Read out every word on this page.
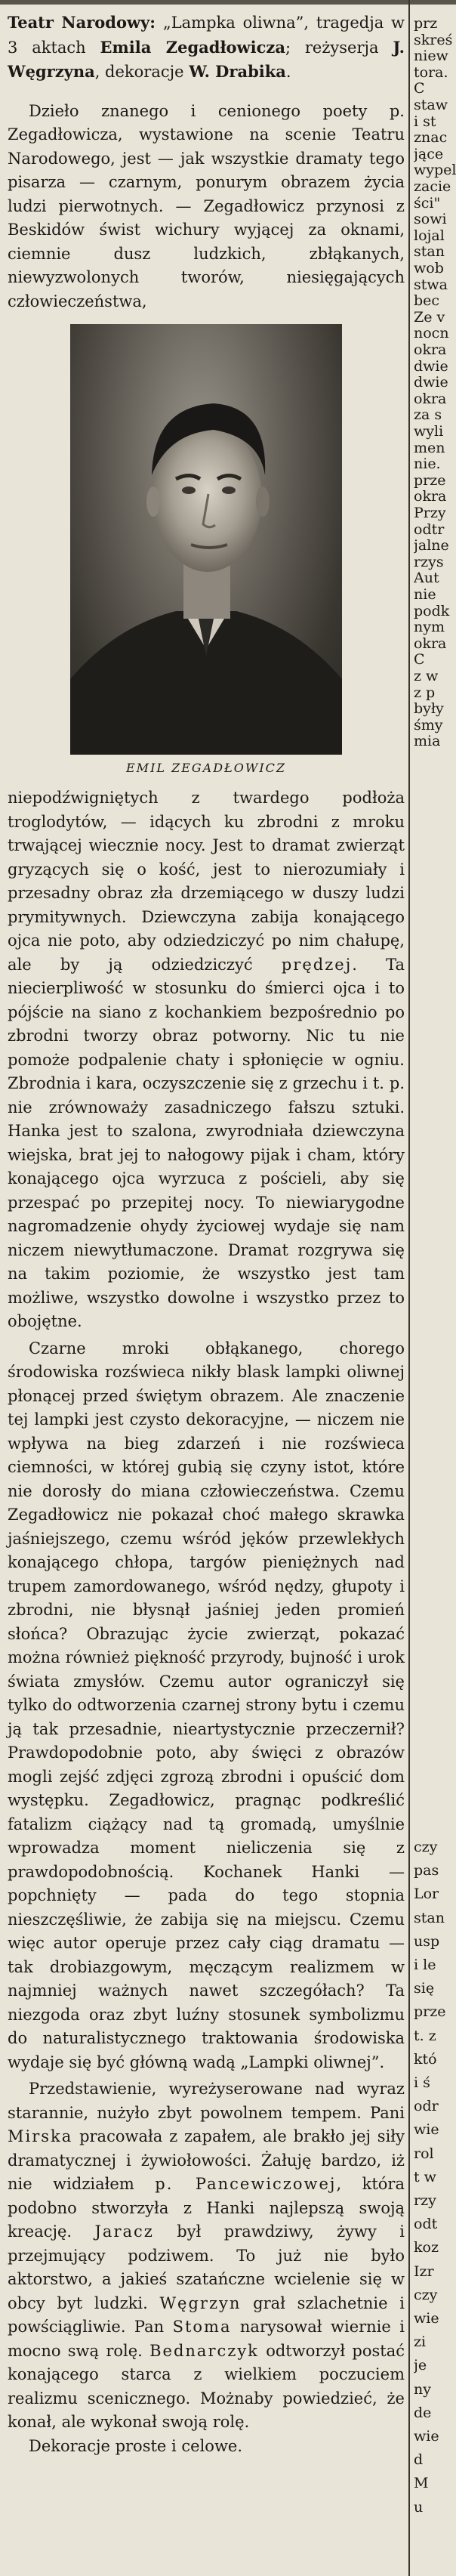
Teatr Narodowy: „Lampka oliwna”, tragedja w 3 aktach Emila Zegadłowicza; reżyserja J. Węgrzyna, dekoracje W. Drabika.

Dzieło znanego i cenionego poety p. Zegadłowicza, wystawione na scenie Teatru Narodowego, jest — jak wszystkie dramaty tego pisarza — czarnym, ponurym obrazem życia ludzi pierwotnych. — Zegadłowicz przynosi z Beskidów świst wichury wyjącej za oknami, ciemnie dusz ludzkich, zbłąkanych, niewyzwolonych tworów, niesięgających człowieczeństwa,

EMIL ZEGADŁOWICZ

niepodźwigniętych z twardego podłoża troglodytów, — idących ku zbrodni z mroku trwającej wiecznie nocy. Jest to dramat zwierząt gryzących się o kość, jest to nierozumiały i przesadny obraz zła drzemiącego w duszy ludzi prymitywnych. Dziewczyna zabija konającego ojca nie poto, aby odziedziczyć po nim chałupę, ale by ją odziedziczyć prędzej. Ta niecierpliwość w stosunku do śmierci ojca i to pójście na siano z kochankiem bezpośrednio po zbrodni tworzy obraz potworny. Nic tu nie pomoże podpalenie chaty i spłonięcie w ogniu. Zbrodnia i kara, oczyszczenie się z grzechu i t. p. nie zrównoważy zasadniczego fałszu sztuki. Hanka jest to szalona, zwyrodniała dziewczyna wiejska, brat jej to nałogowy pijak i cham, który konającego ojca wyrzuca z pościeli, aby się przespać po przepitej nocy. To niewiarygodne nagromadzenie ohydy życiowej wydaje się nam niczem niewytłumaczone. Dramat rozgrywa się na takim poziomie, że wszystko jest tam możliwe, wszystko dowolne i wszystko przez to obojętne.

Czarne mroki obłąkanego, chorego środowiska rozświeca nikły blask lampki oliwnej płonącej przed świętym obrazem. Ale znaczenie tej lampki jest czysto dekoracyjne, — niczem nie wpływa na bieg zdarzeń i nie rozświeca ciemności, w której gubią się czyny istot, które nie dorosły do miana człowieczeństwa. Czemu Zegadłowicz nie pokazał choć małego skrawka jaśniejszego, czemu wśród jęków przewlekłych konającego chłopa, targów pieniężnych nad trupem zamordowanego, wśród nędzy, głupoty i zbrodni, nie błysnął jaśniej jeden promień słońca? Obrazując życie zwierząt, pokazać można również piękność przyrody, bujność i urok świata zmysłów. Czemu autor ograniczył się tylko do odtworzenia czarnej strony bytu i czemu ją tak przesadnie, nieartystycznie przeczernił? Prawdopodobnie poto, aby święci z obrazów mogli zejść zdjęci zgrozą zbrodni i opuścić dom występku. Zegadłowicz, pragnąc podkreślić fatalizm ciążący nad tą gromadą, umyślnie wprowadza moment nieliczenia się z prawdopodobnością. Kochanek Hanki — popchnięty — pada do tego stopnia nieszczęśliwie, że zabija się na miejscu. Czemu więc autor operuje przez cały ciąg dramatu — tak drobiazgowym, męczącym realizmem w najmniej ważnych nawet szczegółach? Ta niezgoda oraz zbyt luźny stosunek symbolizmu do naturalistycznego traktowania środowiska wydaje się być główną wadą „Lampki oliwnej”.

Przedstawienie, wyreżyserowane nad wyraz starannie, nużyło zbyt powolnem tempem. Pani Mirska pracowała z zapałem, ale brakło jej siły dramatycznej i żywiołowości. Żałuję bardzo, iż nie widziałem p. Pancewiczowej, która podobno stworzyła z Hanki najlepszą swoją kreację. Jaracz był prawdziwy, żywy i przejmujący podziwem. To już nie było aktorstwo, a jakieś szatańczne wcielenie się w obcy byt ludzki. Węgrzyn grał szlachetnie i powściągliwie. Pan Stoma narysował wiernie i mocno swą rolę. Bednarczyk odtworzył postać konającego starca z wielkiem poczuciem realizmu scenicznego. Możnaby powiedzieć, że konał, ale wykonał swoją rolę.

Dekoracje proste i celowe.

prz
skreś
niew
tora.
C
staw
i st
znac
jące
wypel
zacie
ści"
sowi
lojal
stan
wob
stwa
bec
Ze v
nocn
okra
dwie
dwie
okra
za s
wyli
men
nie.
prze
okra
Przy
odtr
jalne
rzys
Aut
nie
podk
nym
okra
C
z w
z p
były
śmy
mia
czy
pas
Lor
stan
usp
i le
się
prze
t. z
któ
i ś
odr
wie
rol
t w
rzy
odt
koz
Izr
czy
wie
zi
je
ny
de
wie
d
M
u
